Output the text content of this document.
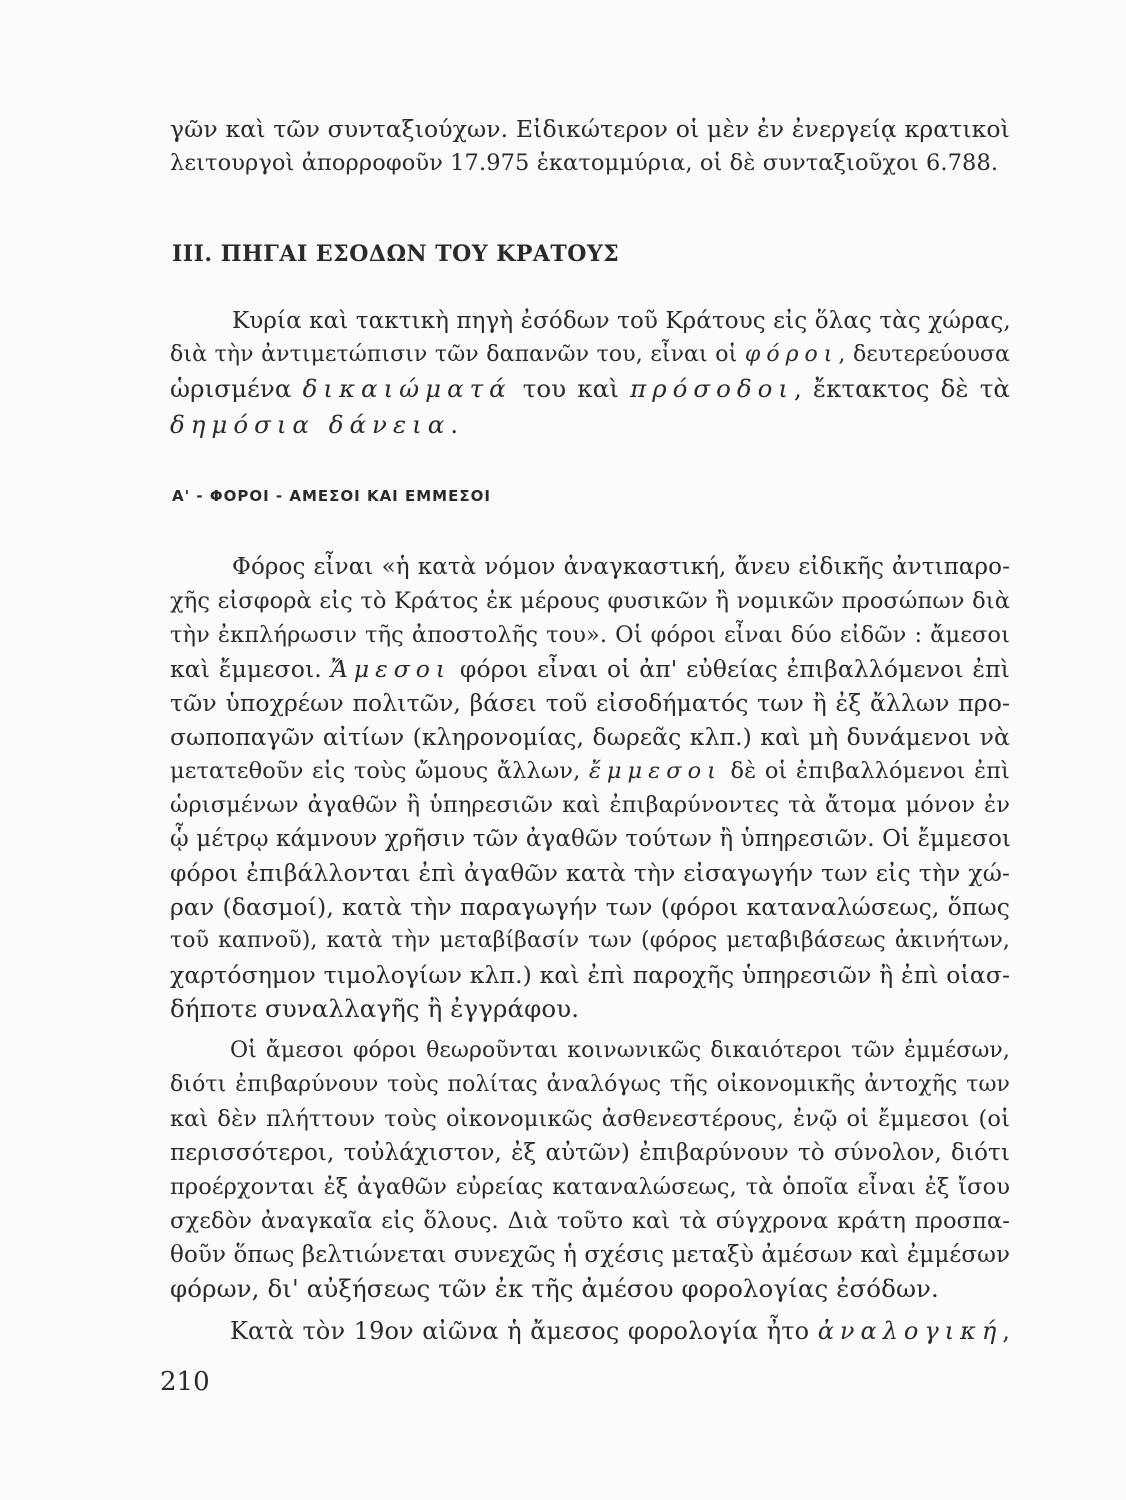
γῶν καὶ τῶν συνταξιούχων. Εἰδικώτερον οἱ μὲν ἐν ἐνεργείᾳ κρατικοὶ
λειτουργοὶ ἀπορροφοῦν 17.975 ἑκατομμύρια, οἱ δὲ συνταξιοῦχοι 6.788.
III. ΠΗΓΑΙ ΕΣΟΔΩΝ ΤΟΥ ΚΡΑΤΟΥΣ
Κυρία καὶ τακτικὴ πηγὴ ἐσόδων τοῦ Κράτους εἰς ὅλας τὰς χώρας,
διὰ τὴν ἀντιμετώπισιν τῶν δαπανῶν του, εἶναι οἱ φόροι, δευτερεύουσα
ὡρισμένα δικαιώματά του καὶ πρόσοδοι, ἔκτακτος δὲ τὰ
δημόσια δάνεια.
Α' - ΦΟΡΟΙ - ΑΜΕΣΟΙ ΚΑΙ ΕΜΜΕΣΟΙ
Φόρος εἶναι «ἡ κατὰ νόμον ἀναγκαστική, ἄνευ εἰδικῆς ἀντιπαρο-
χῆς εἰσφορὰ εἰς τὸ Κράτος ἐκ μέρους φυσικῶν ἢ νομικῶν προσώπων διὰ
τὴν ἐκπλήρωσιν τῆς ἀποστολῆς του». Οἱ φόροι εἶναι δύο εἰδῶν : ἄμεσοι
καὶ ἔμμεσοι. Ἄμεσοι φόροι εἶναι οἱ ἀπ' εὐθείας ἐπιβαλλόμενοι ἐπὶ
τῶν ὑποχρέων πολιτῶν, βάσει τοῦ εἰσοδήματός των ἢ ἐξ ἄλλων προ-
σωποπαγῶν αἰτίων (κληρονομίας, δωρεᾶς κλπ.) καὶ μὴ δυνάμενοι νὰ
μετατεθοῦν εἰς τοὺς ὤμους ἄλλων, ἔμμεσοι δὲ οἱ ἐπιβαλλόμενοι ἐπὶ
ὡρισμένων ἀγαθῶν ἢ ὑπηρεσιῶν καὶ ἐπιβαρύνοντες τὰ ἄτομα μόνον ἐν
ᾧ μέτρῳ κάμνουν χρῆσιν τῶν ἀγαθῶν τούτων ἢ ὑπηρεσιῶν. Οἱ ἔμμεσοι
φόροι ἐπιβάλλονται ἐπὶ ἀγαθῶν κατὰ τὴν εἰσαγωγήν των εἰς τὴν χώ-
ραν (δασμοί), κατὰ τὴν παραγωγήν των (φόροι καταναλώσεως, ὅπως
τοῦ καπνοῦ), κατὰ τὴν μεταβίβασίν των (φόρος μεταβιβάσεως ἀκινήτων,
χαρτόσημον τιμολογίων κλπ.) καὶ ἐπὶ παροχῆς ὑπηρεσιῶν ἢ ἐπὶ οἱασ-
δήποτε συναλλαγῆς ἢ ἐγγράφου.
Οἱ ἄμεσοι φόροι θεωροῦνται κοινωνικῶς δικαιότεροι τῶν ἐμμέσων,
διότι ἐπιβαρύνουν τοὺς πολίτας ἀναλόγως τῆς οἰκονομικῆς ἀντοχῆς των
καὶ δὲν πλήττουν τοὺς οἰκονομικῶς ἀσθενεστέρους, ἐνῷ οἱ ἔμμεσοι (οἱ
περισσότεροι, τοὐλάχιστον, ἐξ αὐτῶν) ἐπιβαρύνουν τὸ σύνολον, διότι
προέρχονται ἐξ ἀγαθῶν εὐρείας καταναλώσεως, τὰ ὁποῖα εἶναι ἐξ ἴσου
σχεδὸν ἀναγκαῖα εἰς ὅλους. Διὰ τοῦτο καὶ τὰ σύγχρονα κράτη προσπα-
θοῦν ὅπως βελτιώνεται συνεχῶς ἡ σχέσις μεταξὺ ἀμέσων καὶ ἐμμέσων
φόρων, δι' αὐξήσεως τῶν ἐκ τῆς ἀμέσου φορολογίας ἐσόδων.
Κατὰ τὸν 19ον αἰῶνα ἡ ἄμεσος φορολογία ἦτο ἀναλογική,
210
